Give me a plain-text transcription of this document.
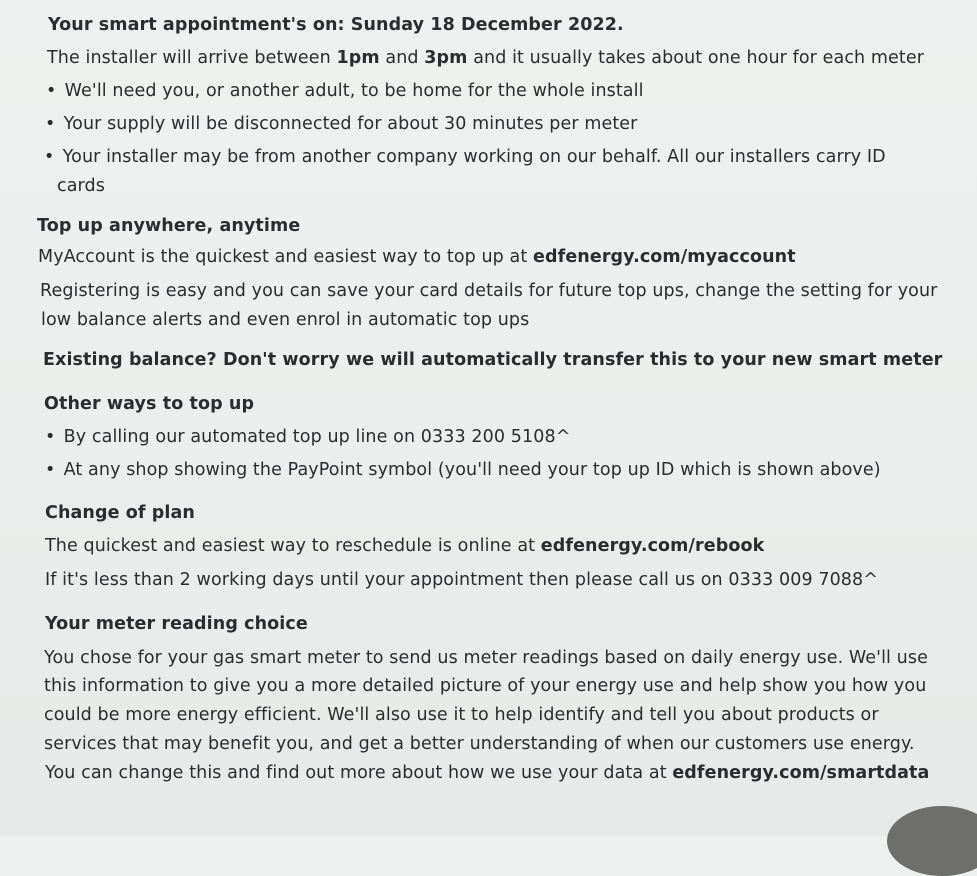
Your smart appointment's on: Sunday 18 December 2022.
The installer will arrive between 1pm and 3pm and it usually takes about one hour for each meter
• We'll need you, or another adult, to be home for the whole install
• Your supply will be disconnected for about 30 minutes per meter
• Your installer may be from another company working on our behalf. All our installers carry ID
cards
Top up anywhere, anytime
MyAccount is the quickest and easiest way to top up at edfenergy.com/myaccount
Registering is easy and you can save your card details for future top ups, change the setting for your
low balance alerts and even enrol in automatic top ups
Existing balance? Don't worry we will automatically transfer this to your new smart meter
Other ways to top up
• By calling our automated top up line on 0333 200 5108^
• At any shop showing the PayPoint symbol (you'll need your top up ID which is shown above)
Change of plan
The quickest and easiest way to reschedule is online at edfenergy.com/rebook
If it's less than 2 working days until your appointment then please call us on 0333 009 7088^
Your meter reading choice
You chose for your gas smart meter to send us meter readings based on daily energy use. We'll use
this information to give you a more detailed picture of your energy use and help show you how you
could be more energy efficient. We'll also use it to help identify and tell you about products or
services that may benefit you, and get a better understanding of when our customers use energy.
You can change this and find out more about how we use your data at edfenergy.com/smartdata
